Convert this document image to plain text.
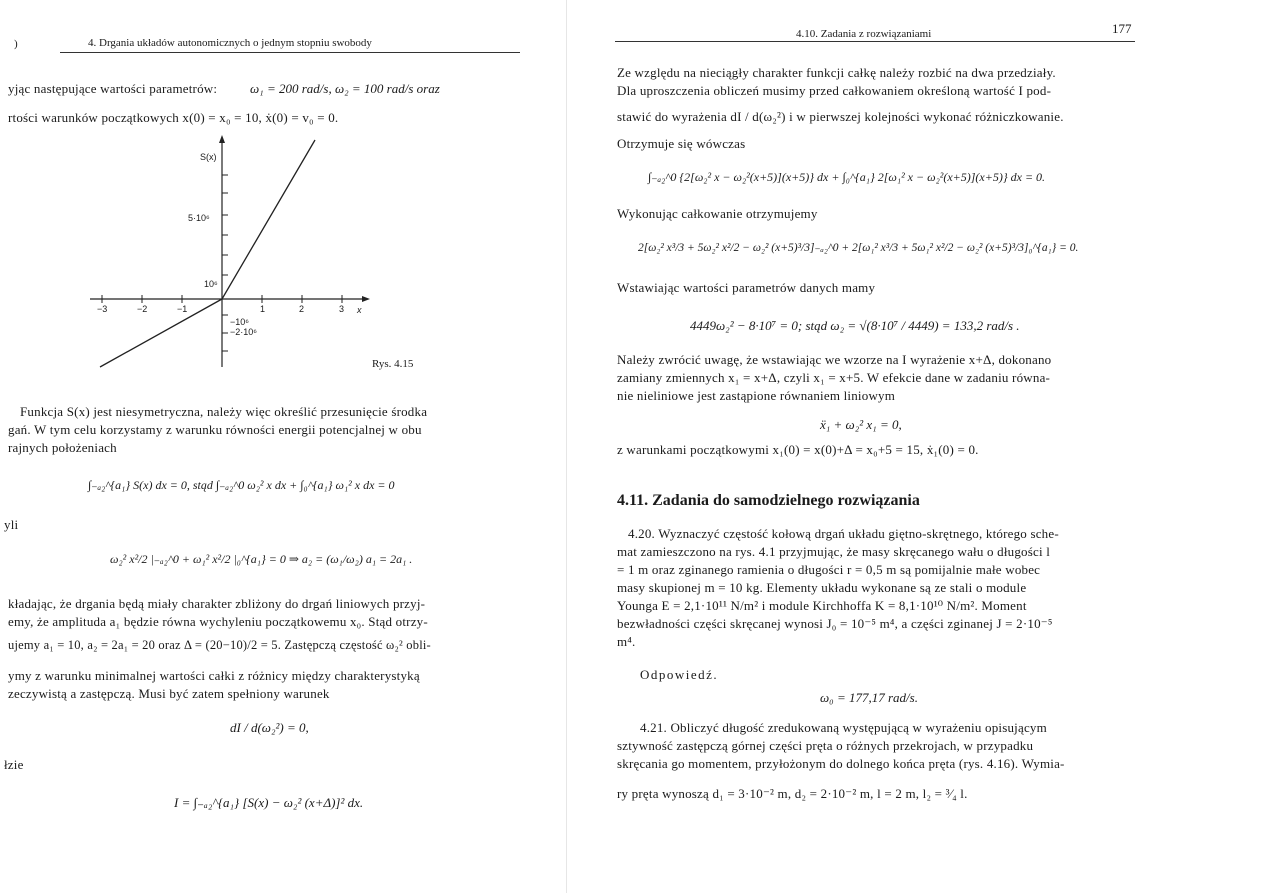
)	4. Drgania układów autonomicznych o jednym stopniu swobody
yjąc następujące wartości parametrów:	ω₁ = 200 rad/s, ω₂ = 100 rad/s oraz
rtości warunków początkowych x(0) = x₀ = 10, ẋ(0) = v₀ = 0.
S(x)
5·10⁶
10⁶
−10⁶
−2·10⁶
−3	−2	−1	1	2	3 x
Rys. 4.15
Funkcja S(x) jest niesymetryczna, należy więc określić przesunięcie środka
gań. W tym celu korzystamy z warunku równości energii potencjalnej w obu
rajnych położeniach
∫₋ₐ₂^{a₁} S(x) dx = 0, stąd ∫₋ₐ₂^0 ω₂² x dx + ∫₀^{a₁} ω₁² x dx = 0
yli
ω₂² x²/2 |₋ₐ₂^0 + ω₁² x²/2 |₀^{a₁} = 0 ⇒ a₂ = (ω₁/ω₂) a₁ = 2a₁ .
kładając, że drgania będą miały charakter zbliżony do drgań liniowych przyj-
emy, że amplituda a₁ będzie równa wychyleniu początkowemu x₀. Stąd otrzy-
ujemy a₁ = 10, a₂ = 2a₁ = 20 oraz Δ = (20−10)/2 = 5. Zastępczą częstość ω₂² obli-
ymy z warunku minimalnej wartości całki z różnicy między charakterystyką
zeczywistą a zastępczą. Musi być zatem spełniony warunek
dI / d(ω₂²) = 0,
łzie
I = ∫₋ₐ₂^{a₁} [S(x) − ω₂² (x+Δ)]² dx.
4.10. Zadania z rozwiązaniami	177
Ze względu na nieciągły charakter funkcji całkę należy rozbić na dwa przedziały.
Dla uproszczenia obliczeń musimy przed całkowaniem określoną wartość I pod-
stawić do wyrażenia dI / d(ω₂²) i w pierwszej kolejności wykonać różniczkowanie.
Otrzymuje się wówczas
∫₋ₐ₂^0 {2[ω₂² x − ω₂²(x+5)](x+5)} dx + ∫₀^{a₁} 2[ω₁² x − ω₂²(x+5)](x+5)} dx = 0.
Wykonując całkowanie otrzymujemy
2[ω₂² x³/3 + 5ω₂² x²/2 − ω₂² (x+5)³/3]₋ₐ₂^0 + 2[ω₁² x³/3 + 5ω₁² x²/2 − ω₂² (x+5)³/3]₀^{a₁} = 0.
Wstawiając wartości parametrów danych mamy
4449ω₂² − 8·10⁷ = 0; stąd ω₂ = √(8·10⁷ / 4449) = 133,2 rad/s .
Należy zwrócić uwagę, że wstawiając we wzorze na I wyrażenie x+Δ, dokonano
zamiany zmiennych x₁ = x+Δ, czyli x₁ = x+5. W efekcie dane w zadaniu równa-
nie nieliniowe jest zastąpione równaniem liniowym
ẍ₁ + ω₂² x₁ = 0,
z warunkami początkowymi x₁(0) = x(0)+Δ = x₀+5 = 15, ẋ₁(0) = 0.
4.11. Zadania do samodzielnego rozwiązania
4.20. Wyznaczyć częstość kołową drgań układu giętno-skrętnego, którego sche-
mat zamieszczono na rys. 4.1 przyjmując, że masy skręcanego wału o długości l
= 1 m oraz zginanego ramienia o długości r = 0,5 m są pomijalnie małe wobec
masy skupionej m = 10 kg. Elementy układu wykonane są ze stali o module
Younga E = 2,1·10¹¹ N/m² i module Kirchhoffa K = 8,1·10¹⁰ N/m². Moment
bezwładności części skręcanej wynosi J₀ = 10⁻⁵ m⁴, a części zginanej J = 2·10⁻⁵
m⁴.
Odpowiedź.
ω₀ = 177,17 rad/s.
4.21. Obliczyć długość zredukowaną występującą w wyrażeniu opisującym
sztywność zastępczą górnej części pręta o różnych przekrojach, w przypadku
skręcania go momentem, przyłożonym do dolnego końca pręta (rys. 4.16). Wymia-
ry pręta wynoszą d₁ = 3·10⁻² m, d₂ = 2·10⁻² m, l = 2 m, l₂ = ³⁄₄ l.
